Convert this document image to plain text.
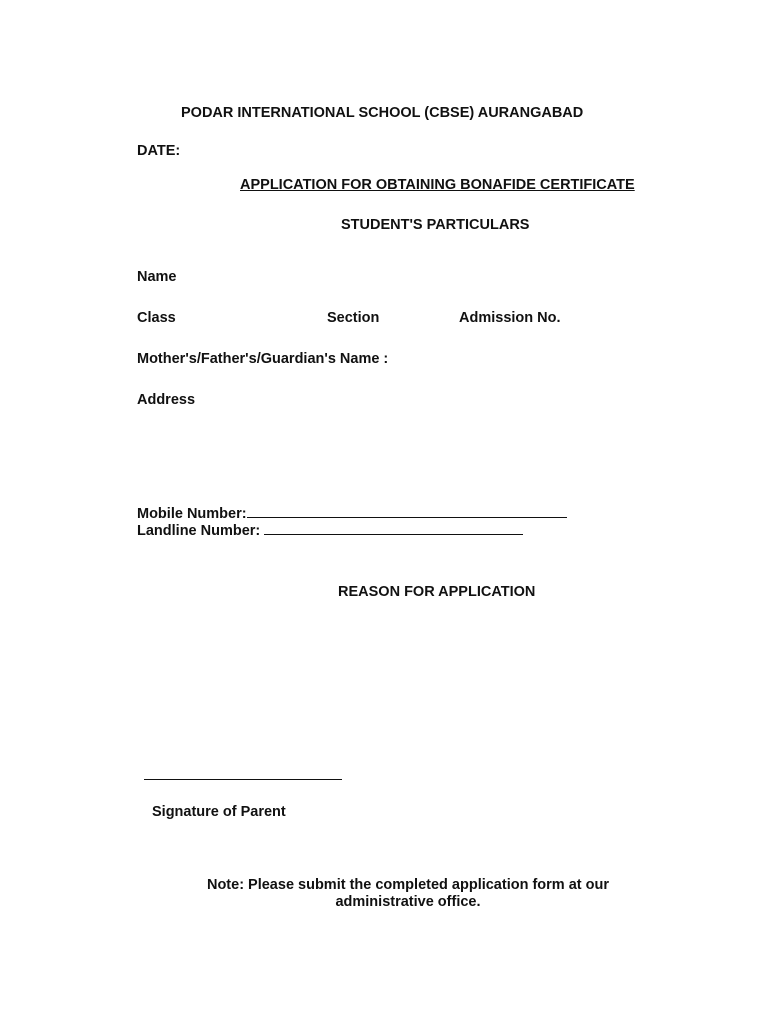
PODAR INTERNATIONAL SCHOOL (CBSE) AURANGABAD
DATE:
APPLICATION FOR OBTAINING BONAFIDE CERTIFICATE
STUDENT'S PARTICULARS
Name
Class	Section	Admission No.
Mother's/Father's/Guardian's Name :
Address
Mobile Number:
Landline Number:
REASON FOR APPLICATION
Signature of Parent
Note: Please submit the completed application form at our
administrative office.
